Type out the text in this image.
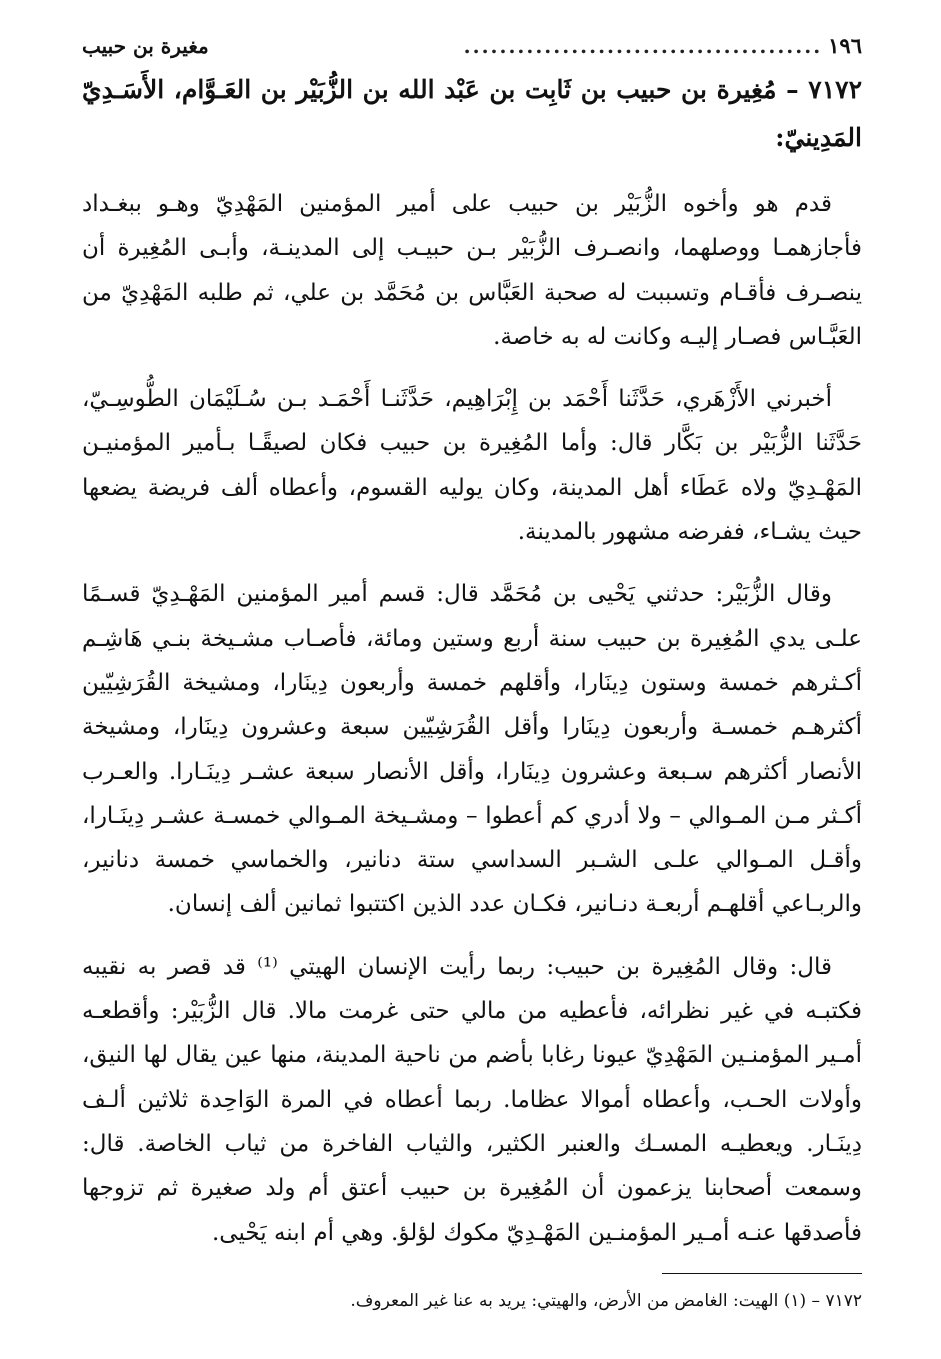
١٩٦
........................................
مغيرة بن حبيب
٧١٧٢ – مُغِيرة بن حبيب بن ثَابِت بن عَبْد الله بن الزُّبَيْر بن العَـوَّام، الأَسَـدِيّ المَدِينيّ:

قدم هو وأخوه الزُّبَيْر بن حبيب على أمير المؤمنين المَهْدِيّ وهـو ببغـداد فأجازهمـا ووصلهما، وانصـرف الزُّبَيْر بـن حبيـب إلى المدينـة، وأبـى المُغِيرة أن ينصـرف فأقـام وتسببت له صحبة العَبَّاس بن مُحَمَّد بن علي، ثم طلبه المَهْدِيّ من العَبَّـاس فصـار إليـه وكانت له به خاصة.

أخبرني الأَزْهَري، حَدَّثَنا أَحْمَد بن إِبْرَاهِيم، حَدَّثَنـا أَحْمَـد بـن سُـلَيْمَان الطُّوسِـيّ، حَدَّثَنا الزُّبَيْر بن بَكَّار قال: وأما المُغِيرة بن حبيب فكان لصيقًـا بـأمير المؤمنيـن المَهْـدِيّ ولاه عَطَاء أهل المدينة، وكان يوليه القسوم، وأعطاه ألف فريضة يضعها حيث يشـاء، ففرضه مشهور بالمدينة.

وقال الزُّبَيْر: حدثني يَحْيى بن مُحَمَّد قال: قسم أمير المؤمنين المَهْـدِيّ قسـمًا علـى يدي المُغِيرة بن حبيب سنة أربع وستين ومائة، فأصـاب مشـيخة بنـي هَاشِـم أكـثرهم خمسة وستون دِينَارا، وأقلهم خمسة وأربعون دِينَارا، ومشيخة القُرَشِيّين أكثرهـم خمسـة وأربعون دِينَارا وأقل القُرَشِيّين سبعة وعشرون دِينَارا، ومشيخة الأنصار أكثرهم سـبعة وعشرون دِينَارا، وأقل الأنصار سبعة عشـر دِينَـارا. والعـرب أكـثر مـن المـوالي – ولا أدري كم أعطوا – ومشـيخة المـوالي خمسـة عشـر دِينَـارا، وأقـل المـوالي علـى الشـبر السداسي ستة دنانير، والخماسي خمسة دنانير، والربـاعي أقلهـم أربعـة دنـانير، فكـان عدد الذين اكتتبوا ثمانين ألف إنسان.

قال: وقال المُغِيرة بن حبيب: ربما رأيت الإنسان الهيتي ⁽¹⁾ قد قصر به نقيبه فكتبـه في غير نظرائه، فأعطيه من مالي حتى غرمت مالا. قال الزُّبَيْر: وأقطعـه أمـير المؤمنـين المَهْدِيّ عيونا رغابا بأضم من ناحية المدينة، منها عين يقال لها النيق، وأولات الحـب، وأعطاه أموالا عظاما. ربما أعطاه في المرة الوَاحِدة ثلاثين ألـف دِينَـار. ويعطيـه المسـك والعنبر الكثير، والثياب الفاخرة من ثياب الخاصة. قال: وسمعت أصحابنا يزعمون أن المُغِيرة بن حبيب أعتق أم ولد صغيرة ثم تزوجها فأصدقها عنـه أمـير المؤمنـين المَهْـدِيّ مكوك لؤلؤ. وهي أم ابنه يَحْيى.

٧١٧٢ – (١) الهيت: الغامض من الأرض، والهيتي: يريد به عنا غير المعروف.
